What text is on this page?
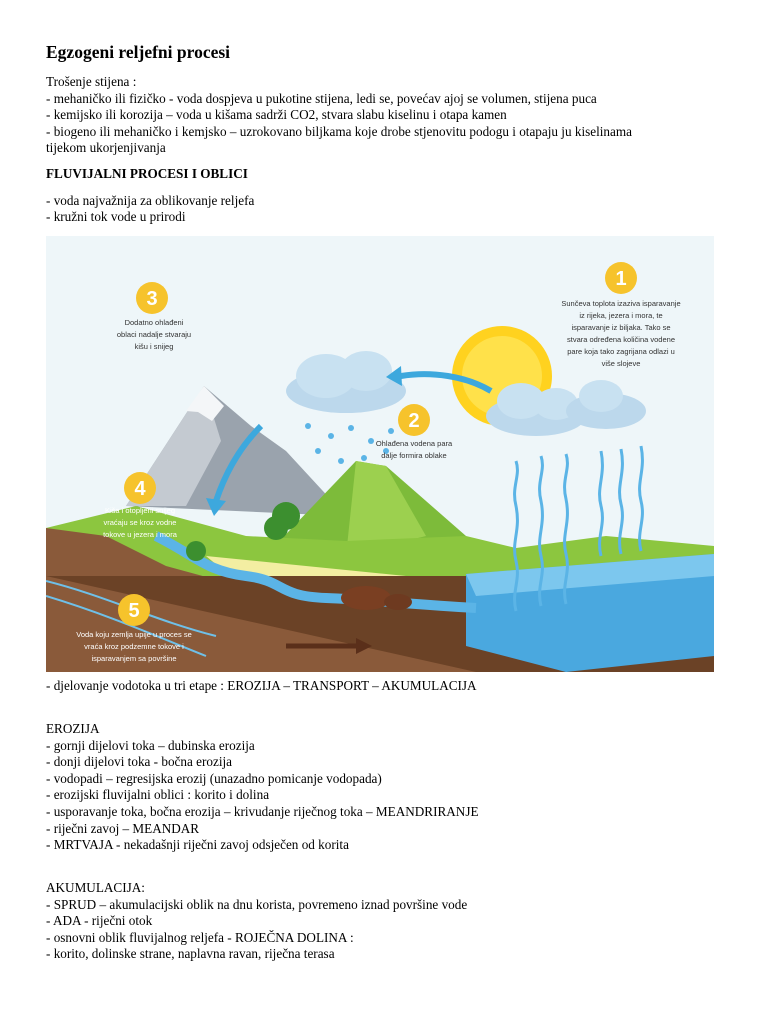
Egzogeni reljefni procesi
Trošenje stijena :
- mehaničko ili fizičko - voda dospjeva u pukotine stijena, ledi se, povećav ajoj se volumen, stijena puca
- kemijsko ili korozija – voda u kišama sadrži CO2, stvara slabu kiselinu i otapa kamen
- biogeno ili mehaničko i kemjsko – uzrokovano biljkama koje drobe stjenovitu podogu i otapaju ju kiselinama
tijekom ukorjenjivanja
FLUVIJALNI PROCESI I OBLICI
- voda najvažnija za oblikovanje reljefa
- kružni tok vode u prirodi
1
2
3
4
5
Sunčeva toplota izaziva isparavanje
iz rijeka, jezera i mora, te
isparavanje iz biljaka. Tako se
stvara određena količina vodene
pare koja tako zagrijana odlazi u
više slojeve
Ohlađena vodena para
dalje formira oblake
Dodatno ohlađeni
oblaci nadalje stvaraju
kišu i snijeg
Kiša i otopljeni snijeg
vraćaju se kroz vodne
tokove u jezera i mora
Voda koju zemlja upije u proces se
vraća kroz podzemne tokove i
isparavanjem sa površine
- djelovanje vodotoka u tri etape : EROZIJA – TRANSPORT – AKUMULACIJA
EROZIJA
- gornji dijelovi toka – dubinska erozija
- donji dijelovi toka - bočna erozija
- vodopadi – regresijska erozij (unazadno pomicanje vodopada)
- erozijski fluvijalni oblici : korito i dolina
- usporavanje toka, bočna erozija – krivudanje riječnog toka – MEANDRIRANJE
- riječni zavoj – MEANDAR
- MRTVAJA - nekadašnji riječni zavoj odsječen od korita
AKUMULACIJA:
- SPRUD – akumulacijski oblik na dnu korista, povremeno iznad površine vode
- ADA - riječni otok
- osnovni oblik fluvijalnog reljefa - ROJEČNA DOLINA :
- korito, dolinske strane, naplavna ravan, riječna terasa
